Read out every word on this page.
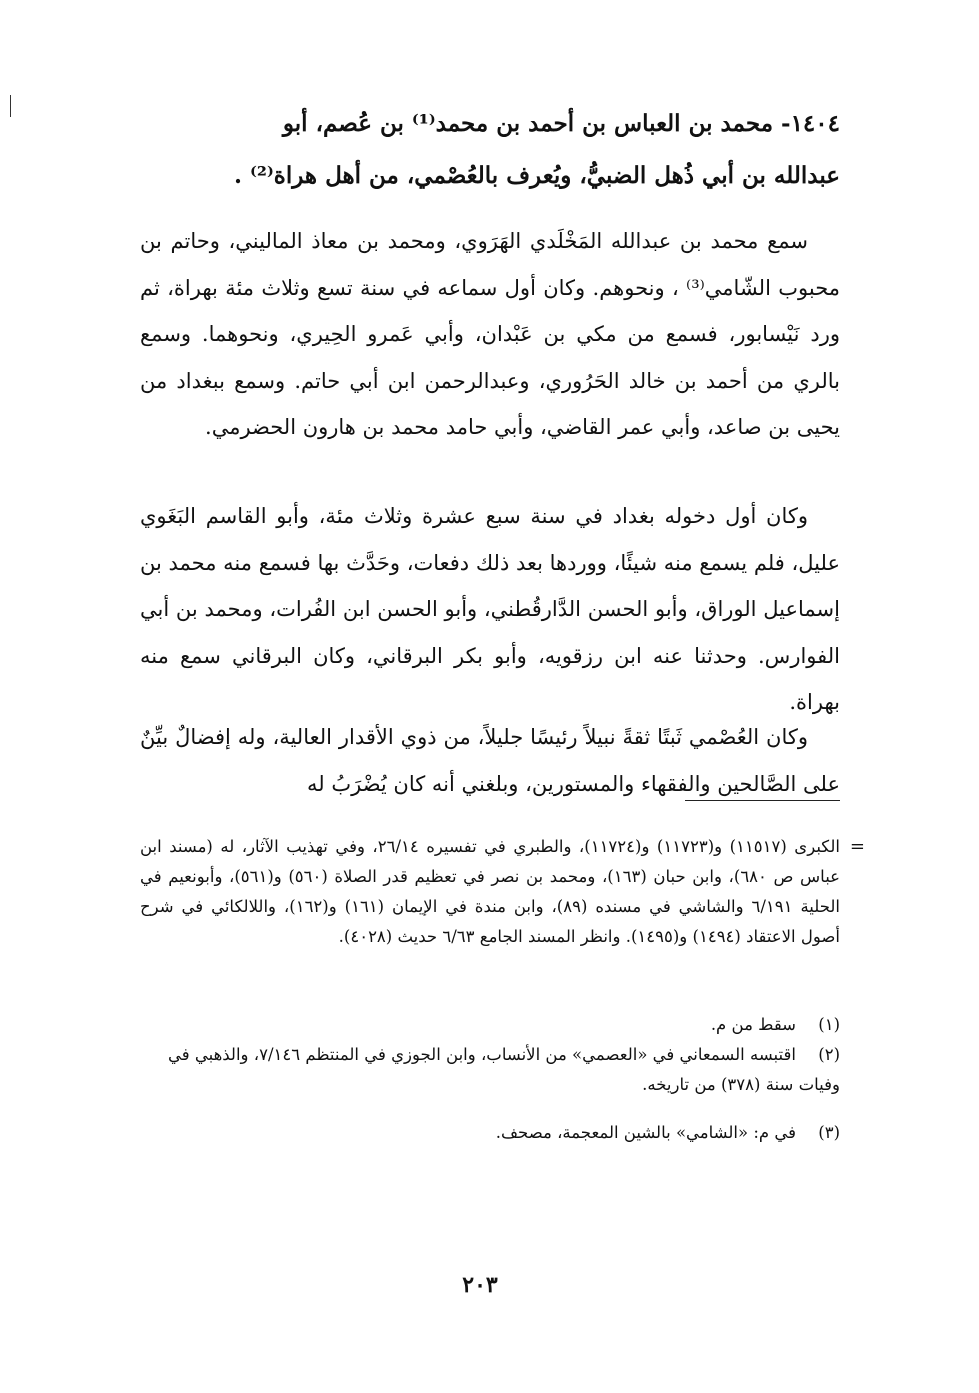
١٤٠٤- محمد بن العباس بن أحمد بن محمد⁽¹⁾ بن عُصم، أبو
عبدالله بن أبي ذُهل الضبيُّ، ويُعرف بالعُصْمي، من أهل هراة⁽²⁾ .

سمع محمد بن عبدالله المَخْلَدي الهَرَوي، ومحمد بن معاذ الماليني، وحاتم بن محبوب الشّامي⁽³⁾ ، ونحوهم. وكان أول سماعه في سنة تسع وثلاث مئة بهراة، ثم ورد نَيْسابور، فسمع من مكي بن عَبْدان، وأبي عَمرو الحِيري، ونحوهما. وسمع بالري من أحمد بن خالد الحَرُوري، وعبدالرحمن ابن أبي حاتم. وسمع ببغداد من يحيى بن صاعد، وأبي عمر القاضي، وأبي حامد محمد بن هارون الحضرمي.

وكان أول دخوله بغداد في سنة سبع عشرة وثلاث مئة، وأبو القاسم البَغَوي عليل، فلم يسمع منه شيئًا، ووردها بعد ذلك دفعات، وحَدَّث بها فسمع منه محمد بن إسماعيل الوراق، وأبو الحسن الدَّارقُطني، وأبو الحسن ابن الفُرات، ومحمد بن أبي الفوارس. وحدثنا عنه ابن رزقويه، وأبو بكر البرقاني، وكان البرقاني سمع منه بهراة.

وكان العُصْمي ثَبتًا ثقةً نبيلاً رئيسًا جليلاً، من ذوي الأقدار العالية، وله إفضالٌ بيِّنٌ على الصَّالحين والفقهاء والمستورين، وبلغني أنه كان يُضْرَبُ له

=
الكبرى (١١٥١٧) و(١١٧٢٣) و(١١٧٢٤)، والطبري في تفسيره ٢٦/١٤، وفي تهذيب الآثار، له (مسند ابن عباس ص ٦٨٠)، وابن حبان (١٦٣)، ومحمد بن نصر في تعظيم قدر الصلاة (٥٦٠) و(٥٦١)، وأبونعيم في الحلية ٦/١٩١ والشاشي في مسنده (٨٩)، وابن مندة في الإيمان (١٦١) و(١٦٢)، واللالكائي في شرح أصول الاعتقاد (١٤٩٤) و(١٤٩٥). وانظر المسند الجامع ٦/٦٣ حديث (٤٠٢٨).
(١)سقط من م.
(٢)اقتبسه السمعاني في «العصمي» من الأنساب، وابن الجوزي في المنتظم ٧/١٤٦، والذهبي في وفيات سنة (٣٧٨) من تاريخه.
(٣)في م: «الشامي» بالشين المعجمة، مصحف.
٢٠٣
